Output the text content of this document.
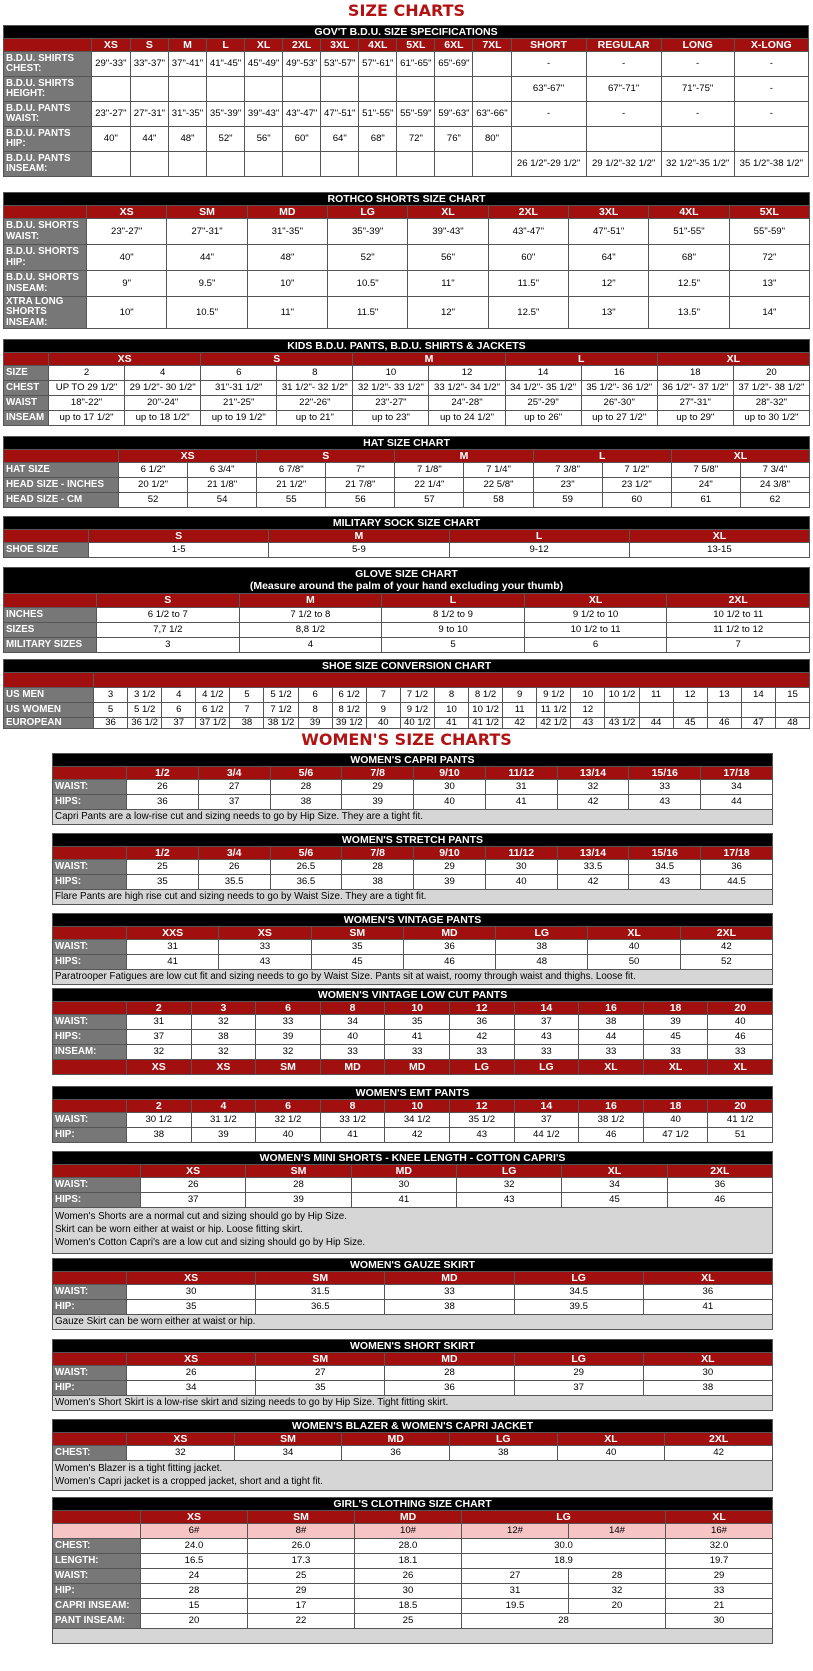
SIZE CHARTS
WOMEN'S SIZE CHARTS
GOV'T B.D.U. SIZE SPECIFICATIONS															
	XS	S	M	L	XL	2XL	3XL	4XL	5XL	6XL	7XL	SHORT	REGULAR	LONG	X-LONG
B.D.U. SHIRTS CHEST:	29"-33"	33"-37"	37"-41"	41"-45"	45"-49"	49"-53"	53"-57"	57"-61"	61"-65"	65"-69"		-	-	-	-
B.D.U. SHIRTS HEIGHT:												63"-67"	67"-71"	71"-75"	-
B.D.U. PANTS WAIST:	23"-27"	27"-31"	31"-35"	35"-39"	39"-43"	43"-47"	47"-51"	51"-55"	55"-59"	59"-63"	63"-66"	-	-	-	-
B.D.U. PANTS HIP:	40"	44"	48"	52"	56"	60"	64"	68"	72"	76"	80"				
B.D.U. PANTS INSEAM:												26 1/2"-29 1/2"	29 1/2"-32 1/2"	32 1/2"-35 1/2"	35 1/2"-38 1/2"
ROTHCO SHORTS SIZE CHART									
	XS	SM	MD	LG	XL	2XL	3XL	4XL	5XL
B.D.U. SHORTS WAIST:	23"-27"	27"-31"	31"-35"	35"-39"	39"-43"	43"-47"	47"-51"	51"-55"	55"-59"
B.D.U. SHORTS HIP:	40"	44"	48"	52"	56"	60"	64"	68"	72"
B.D.U. SHORTS INSEAM:	9"	9.5"	10"	10.5"	11"	11.5"	12"	12.5"	13"
XTRA LONG SHORTS INSEAM:	10"	10.5"	11"	11.5"	12"	12.5"	13"	13.5"	14"
KIDS B.D.U. PANTS, B.D.U. SHIRTS & JACKETS										
	XS		S		M		L		XL	
SIZE	2	4	6	8	10	12	14	16	18	20
CHEST	UP TO 29 1/2"	29 1/2"- 30 1/2"	31"-31 1/2"	31 1/2"- 32 1/2"	32 1/2"- 33 1/2"	33 1/2"- 34 1/2"	34 1/2"- 35 1/2"	35 1/2"- 36 1/2"	36 1/2"- 37 1/2"	37 1/2"- 38 1/2"
WAIST	18"-22"	20"-24"	21"-25"	22"-26"	23"-27"	24"-28"	25"-29"	26"-30"	27"-31"	28"-32"
INSEAM	up to 17 1/2"	up to 18 1/2"	up to 19 1/2"	up to 21"	up to 23"	up to 24 1/2"	up to 26"	up to 27 1/2"	up to 29"	up to 30 1/2"
HAT SIZE CHART										
	XS		S		M		L		XL	
HAT SIZE	6 1/2"	6 3/4"	6 7/8"	7"	7 1/8"	7 1/4"	7 3/8"	7 1/2"	7 5/8"	7 3/4"
HEAD SIZE - INCHES	20 1/2"	21 1/8"	21 1/2"	21 7/8"	22 1/4"	22 5/8"	23"	23 1/2"	24"	24 3/8"
HEAD SIZE - CM	52	54	55	56	57	58	59	60	61	62
MILITARY SOCK SIZE CHART				
	S	M	L	XL
SHOE SIZE	1-5	5-9	9-12	13-15
GLOVE SIZE CHART
(Measure around the palm of your hand excluding your thumb)					
	S	M	L	XL	2XL
INCHES	6 1/2 to 7	7 1/2 to 8	8 1/2 to 9	9 1/2 to 10	10 1/2 to 11
SIZES	7,7 1/2	8,8 1/2	9 to 10	10 1/2 to 11	11 1/2 to 12
MILITARY SIZES	3	4	5	6	7
SHOE SIZE CONVERSION CHART																					

US MEN	3	3 1/2	4	4 1/2	5	5 1/2	6	6 1/2	7	7 1/2	8	8 1/2	9	9 1/2	10	10 1/2	11	12	13	14	15
US WOMEN	5	5 1/2	6	6 1/2	7	7 1/2	8	8 1/2	9	9 1/2	10	10 1/2	11	11 1/2	12						
EUROPEAN	36	36 1/2	37	37 1/2	38	38 1/2	39	39 1/2	40	40 1/2	41	41 1/2	42	42 1/2	43	43 1/2	44	45	46	47	48
WOMEN'S CAPRI PANTS									
	1/2	3/4	5/6	7/8	9/10	11/12	13/14	15/16	17/18
WAIST:	26	27	28	29	30	31	32	33	34
HIPS:	36	37	38	39	40	41	42	43	44

Capri Pants are a low-rise cut and sizing needs to go by Hip Size. They are a tight fit.									
WOMEN'S STRETCH PANTS									
	1/2	3/4	5/6	7/8	9/10	11/12	13/14	15/16	17/18
WAIST:	25	26	26.5	28	29	30	33.5	34.5	36
HIPS:	35	35.5	36.5	38	39	40	42	43	44.5

Flare Pants are high rise cut and sizing needs to go by Waist Size. They are a tight fit.									
WOMEN'S VINTAGE PANTS							
	XXS	XS	SM	MD	LG	XL	2XL
WAIST:	31	33	35	36	38	40	42
HIPS:	41	43	45	46	48	50	52

Paratrooper Fatigues are low cut fit and sizing needs to go by Waist Size. Pants sit at waist, roomy through waist and thighs. Loose fit.							
WOMEN'S VINTAGE LOW CUT PANTS										
	2	3	6	8	10	12	14	16	18	20
WAIST:	31	32	33	34	35	36	37	38	39	40
HIPS:	37	38	39	40	41	42	43	44	45	46
INSEAM:	32	32	32	33	33	33	33	33	33	33
	XS	XS	SM	MD	MD	LG	LG	XL	XL	XL
WOMEN'S EMT PANTS										
	2	4	6	8	10	12	14	16	18	20
WAIST:	30 1/2	31 1/2	32 1/2	33 1/2	34 1/2	35 1/2	37	38 1/2	40	41 1/2
HIP:	38	39	40	41	42	43	44 1/2	46	47 1/2	51
WOMEN'S MINI SHORTS - KNEE LENGTH - COTTON CAPRI'S						
	XS	SM	MD	LG	XL	2XL
WAIST:	26	28	30	32	34	36
HIPS:	37	39	41	43	45	46

Women's Shorts are a normal cut and sizing should go by Hip Size.
Skirt can be worn either at waist or hip. Loose fitting skirt.
Women's Cotton Capri's are a low cut and sizing should go by Hip Size.						
WOMEN'S GAUZE SKIRT					
	XS	SM	MD	LG	XL
WAIST:	30	31.5	33	34.5	36
HIP:	35	36.5	38	39.5	41

Gauze Skirt can be worn either at waist or hip.					
WOMEN'S SHORT SKIRT					
	XS	SM	MD	LG	XL
WAIST:	26	27	28	29	30
HIP:	34	35	36	37	38

Women's Short Skirt is a low-rise skirt and sizing needs to go by Hip Size. Tight fitting skirt.					
WOMEN'S BLAZER & WOMEN'S CAPRI JACKET						
	XS	SM	MD	LG	XL	2XL
CHEST:	32	34	36	38	40	42

Women's Blazer is a tight fitting jacket.
Women's Capri jacket is a cropped jacket, short and a tight fit.						
GIRL'S CLOTHING SIZE CHART						
	XS	SM	MD	LG		XL
	6#	8#	10#	12#	14#	16#
CHEST:	24.0	26.0	28.0	30.0		32.0
LENGTH:	16.5	17.3	18.1	18.9		19.7
WAIST:	24	25	26	27	28	29
HIP:	28	29	30	31	32	33
CAPRI INSEAM:	15	17	18.5	19.5	20	21
PANT INSEAM:	20	22	25	28		30
